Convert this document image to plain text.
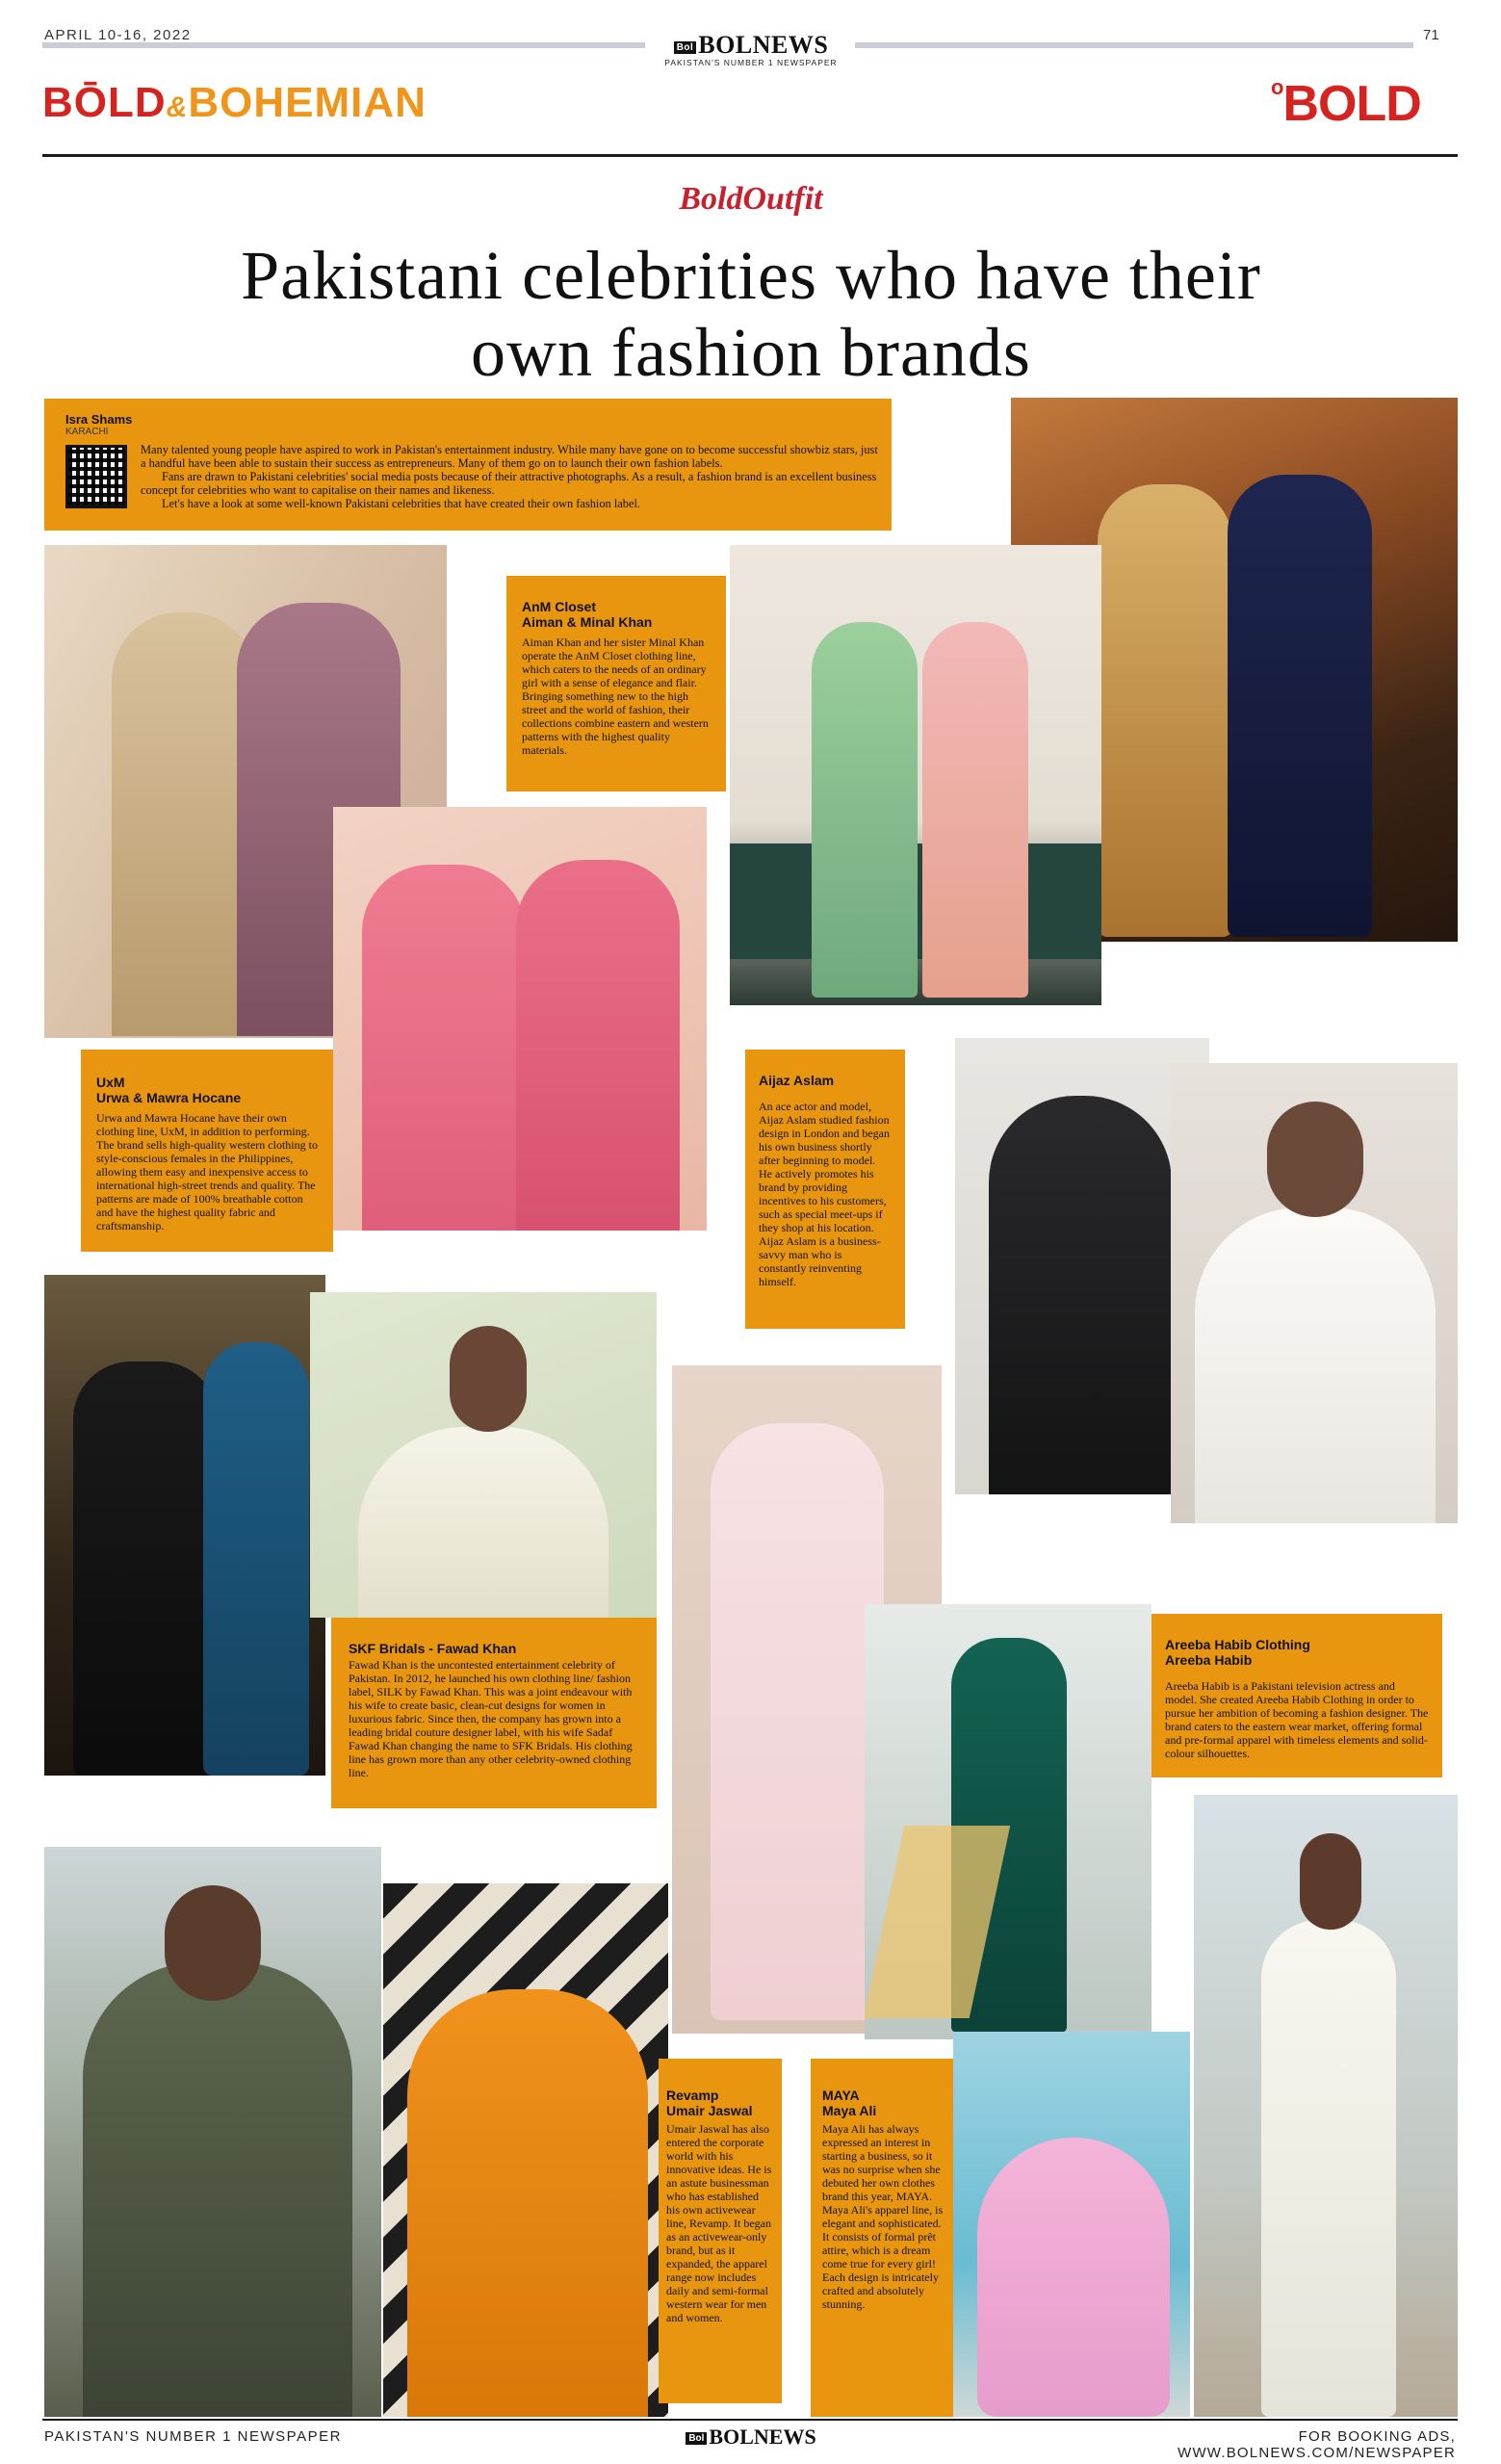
APRIL 10-16, 2022	71
Bol BOLNEWS
PAKISTAN'S NUMBER 1 NEWSPAPER
BŌLD&BOHEMIAN	$^o$BOLD
BoldOutfit
Pakistani celebrities who have their
own fashion brands
Isra Shams
KARACHI

Many talented young people have aspired to work in Pakistan's entertainment industry. While many have gone on to become successful showbiz stars, just a handful have been able to sustain their success as entrepreneurs. Many of them go on to launch their own fashion labels.

Fans are drawn to Pakistani celebrities' social media posts because of their attractive photographs. As a result, a fashion brand is an excellent business concept for celebrities who want to capitalise on their names and likeness.

Let's have a look at some well-known Pakistani celebrities that have created their own fashion label.

AnM Closet
Aiman & Minal Khan

Aiman Khan and her sister Minal Khan operate the AnM Closet clothing line, which caters to the needs of an ordinary girl with a sense of elegance and flair. Bringing something new to the high street and the world of fashion, their collections combine eastern and western patterns with the highest quality materials.

UxM
Urwa & Mawra Hocane

Urwa and Mawra Hocane have their own clothing line, UxM, in addition to performing. The brand sells high-quality western clothing to style-conscious females in the Philippines, allowing them easy and inexpensive access to international high-street trends and quality. The patterns are made of 100% breathable cotton and have the highest quality fabric and craftsmanship.

Aijaz Aslam

An ace actor and model, Aijaz Aslam studied fashion design in London and began his own business shortly after beginning to model. He actively promotes his brand by providing incentives to his customers, such as special meet-ups if they shop at his location. Aijaz Aslam is a business-savvy man who is constantly reinventing himself.

SKF Bridals - Fawad Khan

Fawad Khan is the uncontested entertainment celebrity of Pakistan. In 2012, he launched his own clothing line/ fashion label, SILK by Fawad Khan. This was a joint endeavour with his wife to create basic, clean-cut designs for women in luxurious fabric. Since then, the company has grown into a leading bridal couture designer label, with his wife Sadaf Fawad Khan changing the name to SFK Bridals. His clothing line has grown more than any other celebrity-owned clothing line.

Areeba Habib Clothing
Areeba Habib

Areeba Habib is a Pakistani television actress and model. She created Areeba Habib Clothing in order to pursue her ambition of becoming a fashion designer. The brand caters to the eastern wear market, offering formal and pre-formal apparel with timeless elements and solid-colour silhouettes.

Revamp
Umair Jaswal

Umair Jaswal has also entered the corporate world with his innovative ideas. He is an astute businessman who has established his own activewear line, Revamp. It began as an activewear-only brand, but as it expanded, the apparel range now includes daily and semi-formal western wear for men and women.

MAYA
Maya Ali

Maya Ali has always expressed an interest in starting a business, so it was no surprise when she debuted her own clothes brand this year, MAYA. Maya Ali's apparel line, is elegant and sophisticated. It consists of formal prêt attire, which is a dream come true for every girl! Each design is intricately crafted and absolutely stunning.

PAKISTAN'S NUMBER 1 NEWSPAPER	Bol BOLNEWS	FOR BOOKING ADS, WWW.BOLNEWS.COM/NEWSPAPER
